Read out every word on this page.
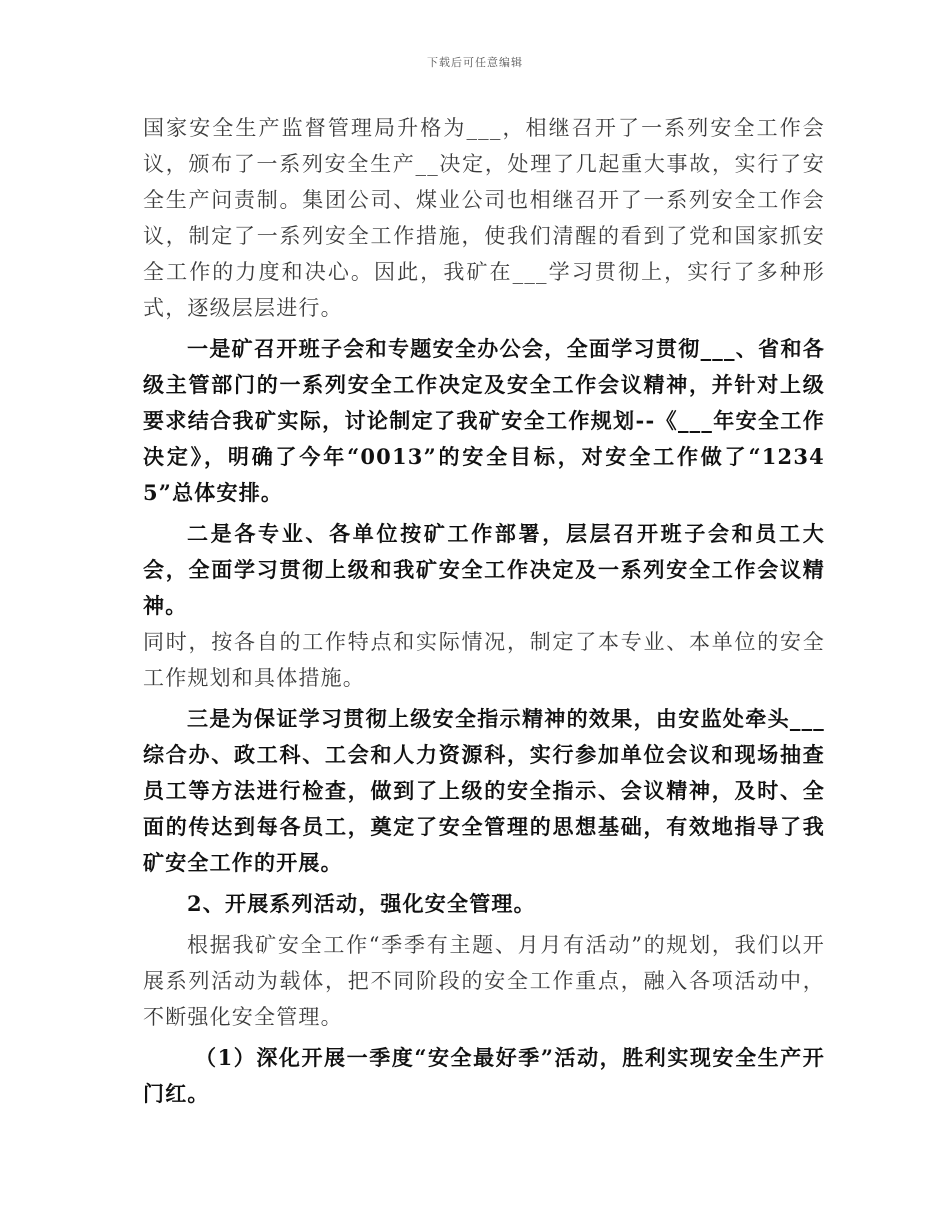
下载后可任意编辑

国家安全生产监督管理局升格为___，相继召开了一系列安全工作会议，颁布了一系列安全生产__决定，处理了几起重大事故，实行了安全生产问责制。集团公司、煤业公司也相继召开了一系列安全工作会议，制定了一系列安全工作措施，使我们清醒的看到了党和国家抓安全工作的力度和决心。因此，我矿在___学习贯彻上，实行了多种形式，逐级层层进行。

一是矿召开班子会和专题安全办公会，全面学习贯彻___、省和各级主管部门的一系列安全工作决定及安全工作会议精神，并针对上级要求结合我矿实际，讨论制定了我矿安全工作规划--《___年安全工作决定》，明确了今年“0013”的安全目标，对安全工作做了“12345”总体安排。

二是各专业、各单位按矿工作部署，层层召开班子会和员工大会，全面学习贯彻上级和我矿安全工作决定及一系列安全工作会议精神。

同时，按各自的工作特点和实际情况，制定了本专业、本单位的安全工作规划和具体措施。

三是为保证学习贯彻上级安全指示精神的效果，由安监处牵头___综合办、政工科、工会和人力资源科，实行参加单位会议和现场抽查员工等方法进行检查，做到了上级的安全指示、会议精神，及时、全面的传达到每各员工，奠定了安全管理的思想基础，有效地指导了我矿安全工作的开展。

2、开展系列活动，强化安全管理。

根据我矿安全工作“季季有主题、月月有活动”的规划，我们以开展系列活动为载体，把不同阶段的安全工作重点，融入各项活动中，不断强化安全管理。

（1）深化开展一季度“安全最好季”活动，胜利实现安全生产开门红。
